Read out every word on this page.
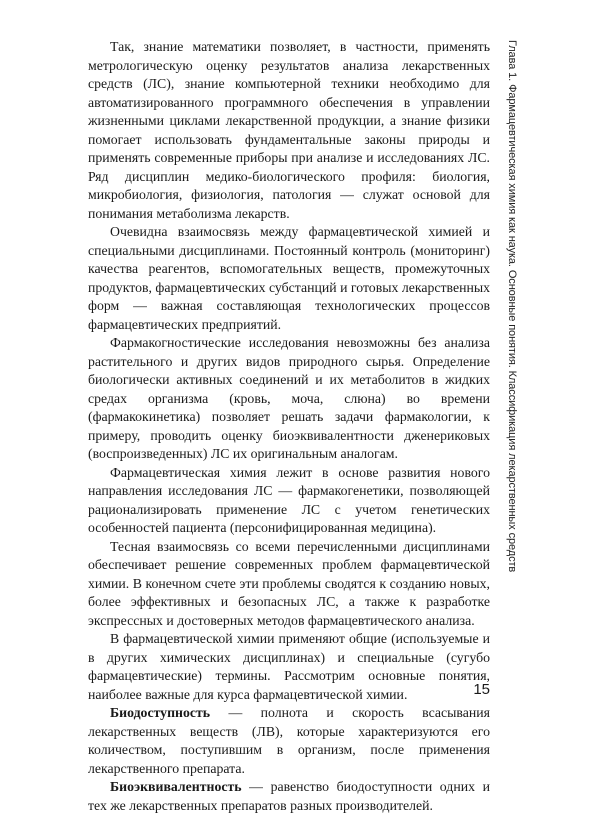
Так, знание математики позволяет, в частности, применять метрологическую оценку результатов анализа лекарственных средств (ЛС), знание компьютерной техники необходимо для автоматизированного программного обеспечения в управлении жизненными циклами лекарственной продукции, а знание физики помогает использовать фундаментальные законы природы и применять современные приборы при анализе и исследованиях ЛС. Ряд дисциплин медико-биологического профиля: биология, микробиология, физиология, патология — служат основой для понимания метаболизма лекарств.

Очевидна взаимосвязь между фармацевтической химией и специальными дисциплинами. Постоянный контроль (мониторинг) качества реагентов, вспомогательных веществ, промежуточных продуктов, фармацевтических субстанций и готовых лекарственных форм — важная составляющая технологических процессов фармацевтических предприятий.

Фармакогностические исследования невозможны без анализа растительного и других видов природного сырья. Определение биологически активных соединений и их метаболитов в жидких средах организма (кровь, моча, слюна) во времени (фармакокинетика) позволяет решать задачи фармакологии, к примеру, проводить оценку биоэквивалентности дженериковых (воспроизведенных) ЛС их оригинальным аналогам.

Фармацевтическая химия лежит в основе развития нового направления исследования ЛС — фармакогенетики, позволяющей рационализировать применение ЛС с учетом генетических особенностей пациента (персонифицированная медицина).

Тесная взаимосвязь со всеми перечисленными дисциплинами обеспечивает решение современных проблем фармацевтической химии. В конечном счете эти проблемы сводятся к созданию новых, более эффективных и безопасных ЛС, а также к разработке экспрессных и достоверных методов фармацевтического анализа.

В фармацевтической химии применяют общие (используемые и в других химических дисциплинах) и специальные (сугубо фармацевтические) термины. Рассмотрим основные понятия, наиболее важные для курса фармацевтической химии.

Биодоступность — полнота и скорость всасывания лекарственных веществ (ЛВ), которые характеризуются его количеством, поступившим в организм, после применения лекарственного препарата.

Биоэквивалентность — равенство биодоступности одних и тех же лекарственных препаратов разных производителей.

Глава 1. Фармацевтическая химия как наука. Основные понятия. Классификация лекарственных средств
15
